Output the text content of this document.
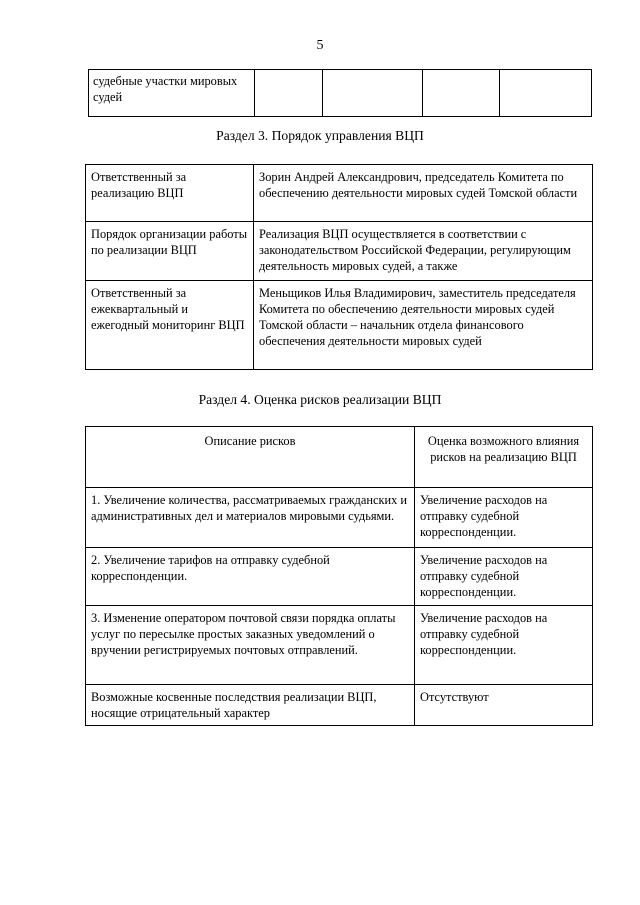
5
судебные участки мировых судей				
Раздел 3. Порядок управления ВЦП
Ответственный за реализацию ВЦП	Зорин Андрей Александрович, председатель Комитета по обеспечению деятельности мировых судей Томской области
Порядок организации работы по реализации ВЦП	Реализация ВЦП осуществляется в соответствии с законодательством Российской Федерации, регулирующим деятельность мировых судей, а также
Ответственный за ежеквартальный и ежегодный мониторинг ВЦП	Меньщиков Илья Владимирович, заместитель председателя Комитета по обеспечению деятельности мировых судей Томской области – начальник отдела финансового обеспечения деятельности мировых судей
Раздел 4. Оценка рисков реализации ВЦП
Описание рисков	Оценка возможного влияния рисков на реализацию ВЦП
1. Увеличение количества, рассматриваемых гражданских и административных дел и материалов мировыми судьями.	Увеличение расходов на отправку судебной корреспонденции.
2. Увеличение тарифов на отправку судебной корреспонденции.	Увеличение расходов на отправку судебной корреспонденции.
3. Изменение оператором почтовой связи порядка оплаты услуг по пересылке простых заказных уведомлений о вручении регистрируемых почтовых отправлений.	Увеличение расходов на отправку судебной корреспонденции.
Возможные косвенные последствия реализации ВЦП, носящие отрицательный характер	Отсутствуют
